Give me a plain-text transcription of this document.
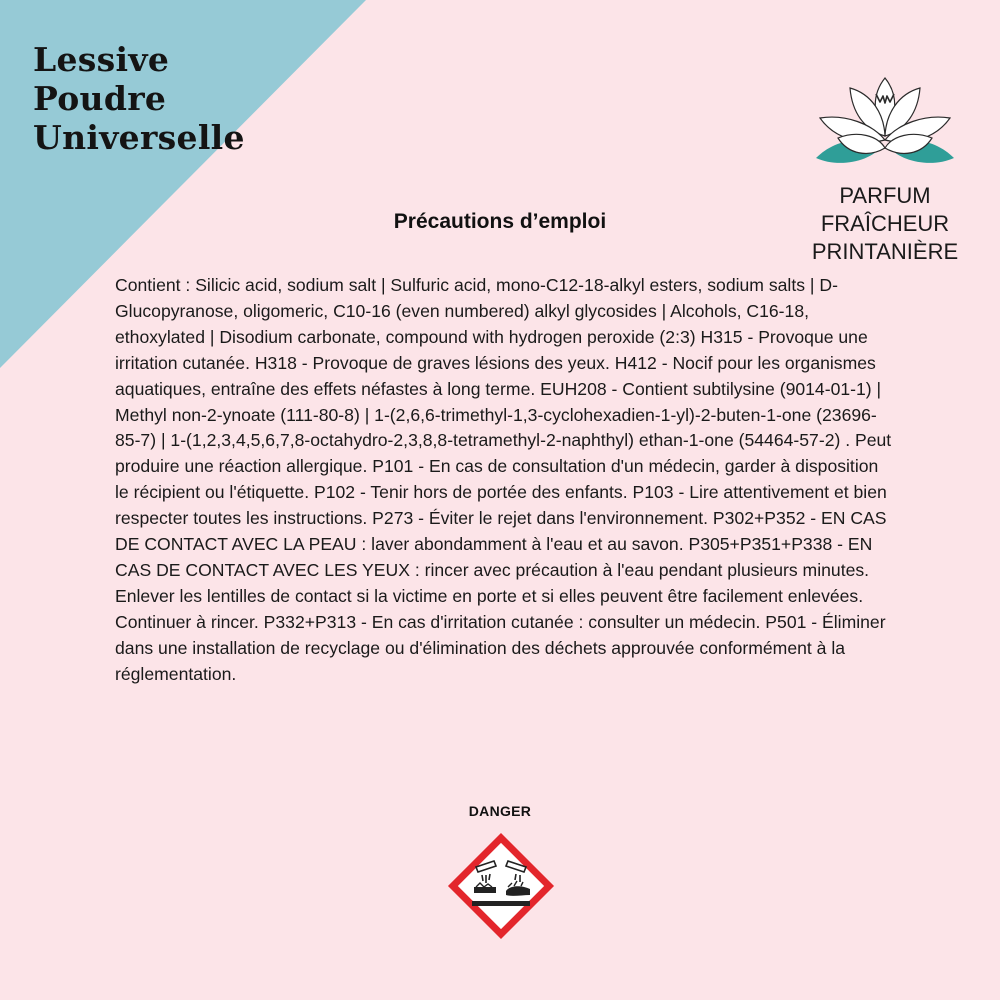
Lessive
Poudre
Universelle
PARFUM
FRAÎCHEUR
PRINTANIÈRE
Précautions d’emploi

Contient : Silicic acid, sodium salt | Sulfuric acid, mono-C12-18-alkyl esters, sodium salts | D-Glucopyranose, oligomeric, C10-16 (even numbered) alkyl glycosides | Alcohols, C16-18, ethoxylated | Disodium carbonate, compound with hydrogen peroxide (2:3) H315 - Provoque une irritation cutanée. H318 - Provoque de graves lésions des yeux. H412 - Nocif pour les organismes aquatiques, entraîne des effets néfastes à long terme. EUH208 - Contient subtilysine (9014-01-1) | Methyl non-2-ynoate (111-80-8) | 1-(2,6,6-trimethyl-1,3-cyclohexadien-1-yl)-2-buten-1-one (23696-85-7) | 1-(1,2,3,4,5,6,7,8-octahydro-2,3,8,8-tetramethyl-2-naphthyl) ethan-1-one (54464-57-2) . Peut produire une réaction allergique. P101 - En cas de consultation d'un médecin, garder à disposition le récipient ou l'étiquette. P102 - Tenir hors de portée des enfants. P103 - Lire attentivement et bien respecter toutes les instructions. P273 - Éviter le rejet dans l'environnement. P302+P352 - EN CAS DE CONTACT AVEC LA PEAU : laver abondamment à l'eau et au savon. P305+P351+P338 - EN CAS DE CONTACT AVEC LES YEUX : rincer avec précaution à l'eau pendant plusieurs minutes. Enlever les lentilles de contact si la victime en porte et si elles peuvent être facilement enlevées. Continuer à rincer. P332+P313 - En cas d'irritation cutanée : consulter un médecin. P501 - Éliminer dans une installation de recyclage ou d'élimination des déchets approuvée conformément à la réglementation.

DANGER
